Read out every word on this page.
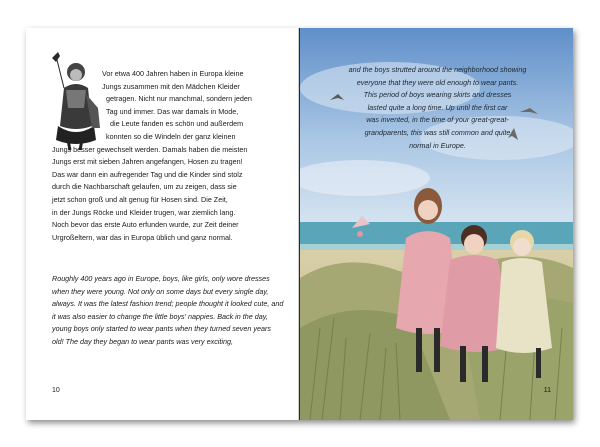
Vor etwa 400 Jahren haben in Europa kleine
Jungs zusammen mit den Mädchen Kleider
getragen. Nicht nur manchmal, sondern jeden
Tag und immer. Das war damals in Mode,
die Leute fanden es schön und außerdem
konnten so die Windeln der ganz kleinen
Jungs besser gewechselt werden. Damals haben die meisten
Jungs erst mit sieben Jahren angefangen, Hosen zu tragen!
Das war dann ein aufregender Tag und die Kinder sind stolz
durch die Nachbarschaft gelaufen, um zu zeigen, dass sie
jetzt schon groß und alt genug für Hosen sind. Die Zeit,
in der Jungs Röcke und Kleider trugen, war ziemlich lang.
Noch bevor das erste Auto erfunden wurde, zur Zeit deiner
Urgroßeltern, war das in Europa üblich und ganz normal.

Roughly 400 years ago in Europe, boys, like girls, only wore dresses when they were young. Not only on some days but every single day, always. It was the latest fashion trend; people thought it looked cute, and it was also easier to change the little boys' nappies. Back in the day, young boys only started to wear pants when they turned seven years old! The day they began to wear pants was very exciting,

10

and the boys strutted around the neighborhood showing
everyone that they were old enough to wear pants.
This period of boys wearing skirts and dresses
lasted quite a long time. Up until the first car
was invented, in the time of your great-great-
grandparents, this was still common and quite
normal in Europe.

11
